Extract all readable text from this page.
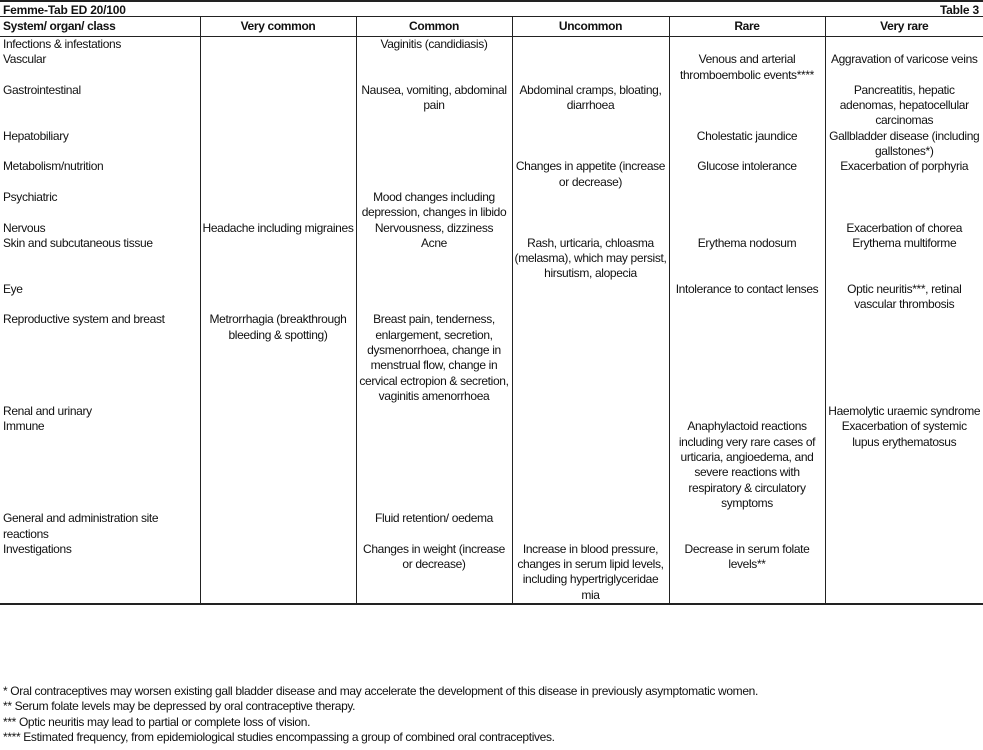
Femme-Tab ED 20/100	Table 3
System/ organ/ class	Very common	Common	Uncommon	Rare	Very rare
Infections & infestations		Vaginitis (candidiasis)			
Vascular				Venous and arterial thromboembolic events****	Aggravation of varicose veins
Gastrointestinal		Nausea, vomiting, abdominal pain	Abdominal cramps, bloating, diarrhoea		Pancreatitis, hepatic adenomas, hepatocellular carcinomas
Hepatobiliary				Cholestatic jaundice	Gallbladder disease (including gallstones*)
Metabolism/nutrition			Changes in appetite (increase or decrease)	Glucose intolerance	Exacerbation of porphyria
Psychiatric		Mood changes including depression, changes in libido			
Nervous	Headache including migraines	Nervousness, dizziness			Exacerbation of chorea
Skin and subcutaneous tissue		Acne	Rash, urticaria, chloasma (melasma), which may persist, hirsutism, alopecia	Erythema nodosum	Erythema multiforme
Eye				Intolerance to contact lenses	Optic neuritis***, retinal vascular thrombosis
Reproductive system and breast	Metrorrhagia (breakthrough bleeding & spotting)	Breast pain, tenderness, enlargement, secretion, dysmenorrhoea, change in menstrual flow, change in cervical ectropion & secretion, vaginitis amenorrhoea			
Renal and urinary					Haemolytic uraemic syndrome
Immune				Anaphylactoid reactions including very rare cases of urticaria, angioedema, and severe reactions with respiratory & circulatory symptoms	Exacerbation of systemic lupus erythematosus
General and administration site reactions		Fluid retention/ oedema			
Investigations		Changes in weight (increase or decrease)	Increase in blood pressure, changes in serum lipid levels, including hypertriglyceridae mia	Decrease in serum folate levels**	
* Oral contraceptives may worsen existing gall bladder disease and may accelerate the development of this disease in previously asymptomatic women.
** Serum folate levels may be depressed by oral contraceptive therapy.
*** Optic neuritis may lead to partial or complete loss of vision.
**** Estimated frequency, from epidemiological studies encompassing a group of combined oral contraceptives.
